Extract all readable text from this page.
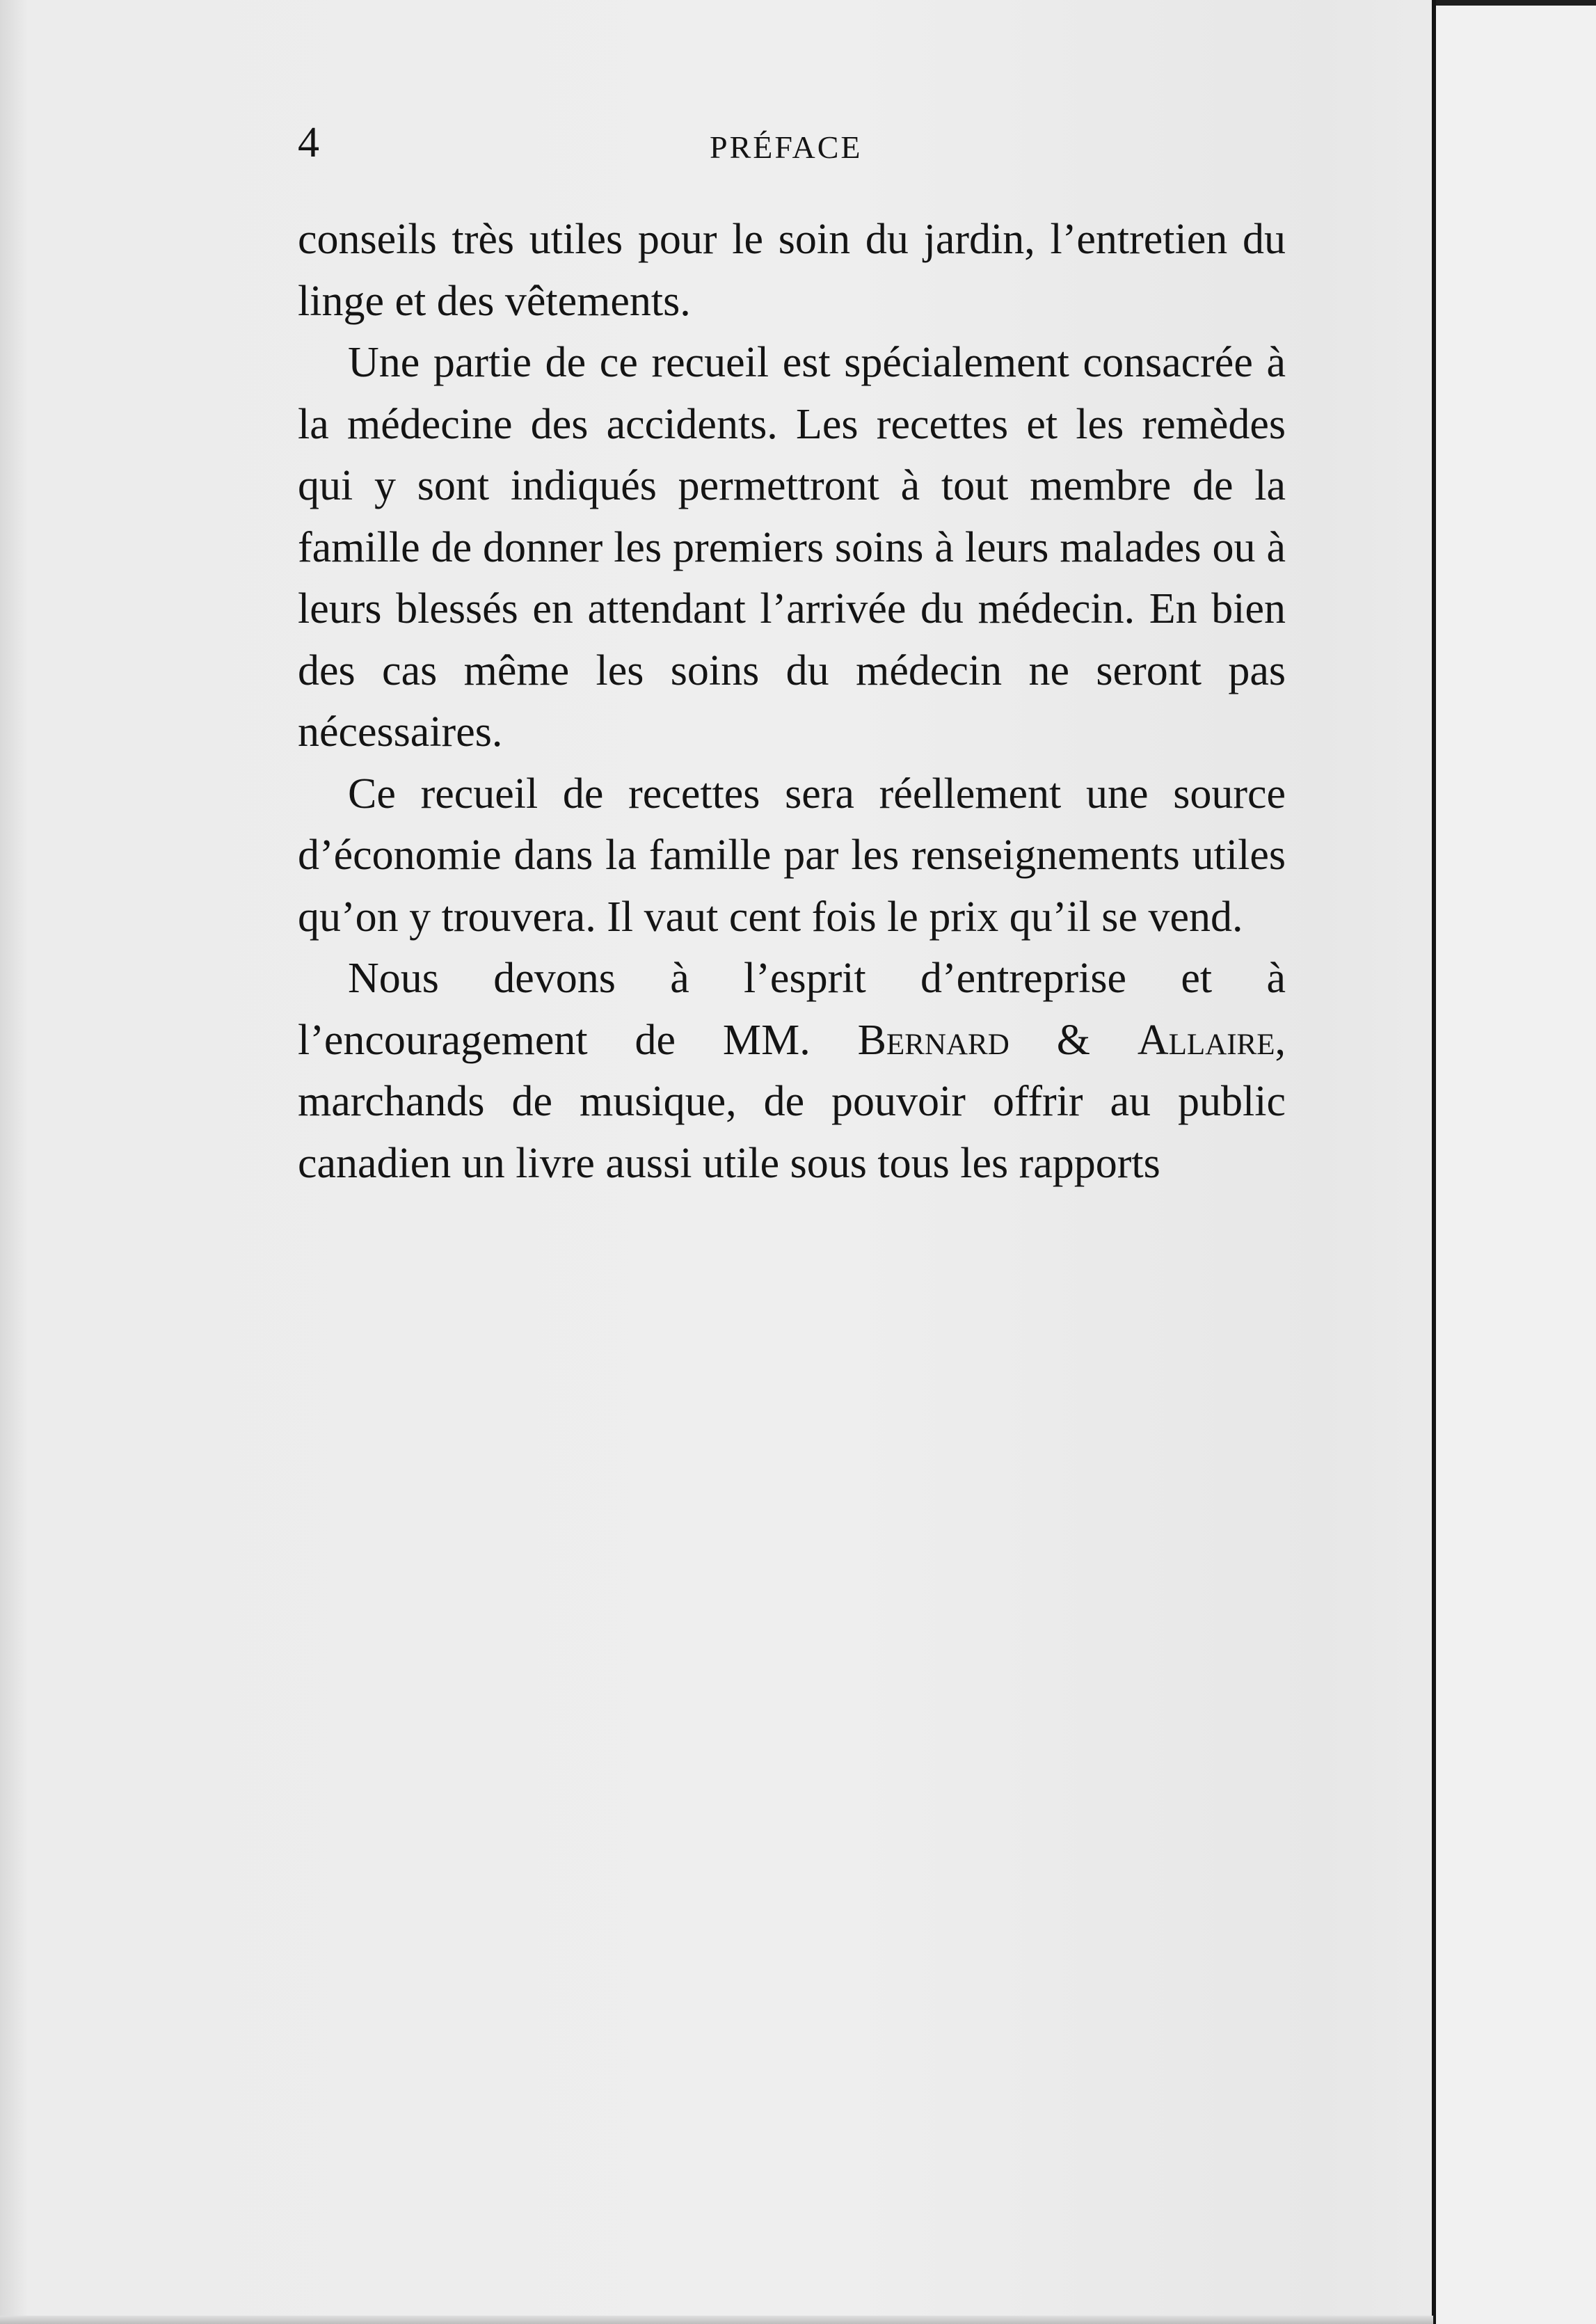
4	PRÉFACE

conseils très utiles pour le soin du jardin, l’entretien du linge et des vêtements.

Une partie de ce recueil est spécialement consacrée à la médecine des accidents. Les recettes et les remèdes qui y sont indiqués permettront à tout membre de la famille de donner les premiers soins à leurs malades ou à leurs blessés en attendant l’arrivée du médecin. En bien des cas même les soins du médecin ne seront pas nécessaires.

Ce recueil de recettes sera réellement une source d’économie dans la famille par les renseignements utiles qu’on y trouvera. Il vaut cent fois le prix qu’il se vend.

Nous devons à l’esprit d’entreprise et à l’encouragement de MM. Bernard & Allaire, marchands de musique, de pouvoir offrir au public canadien un livre aussi utile sous tous les rapports
